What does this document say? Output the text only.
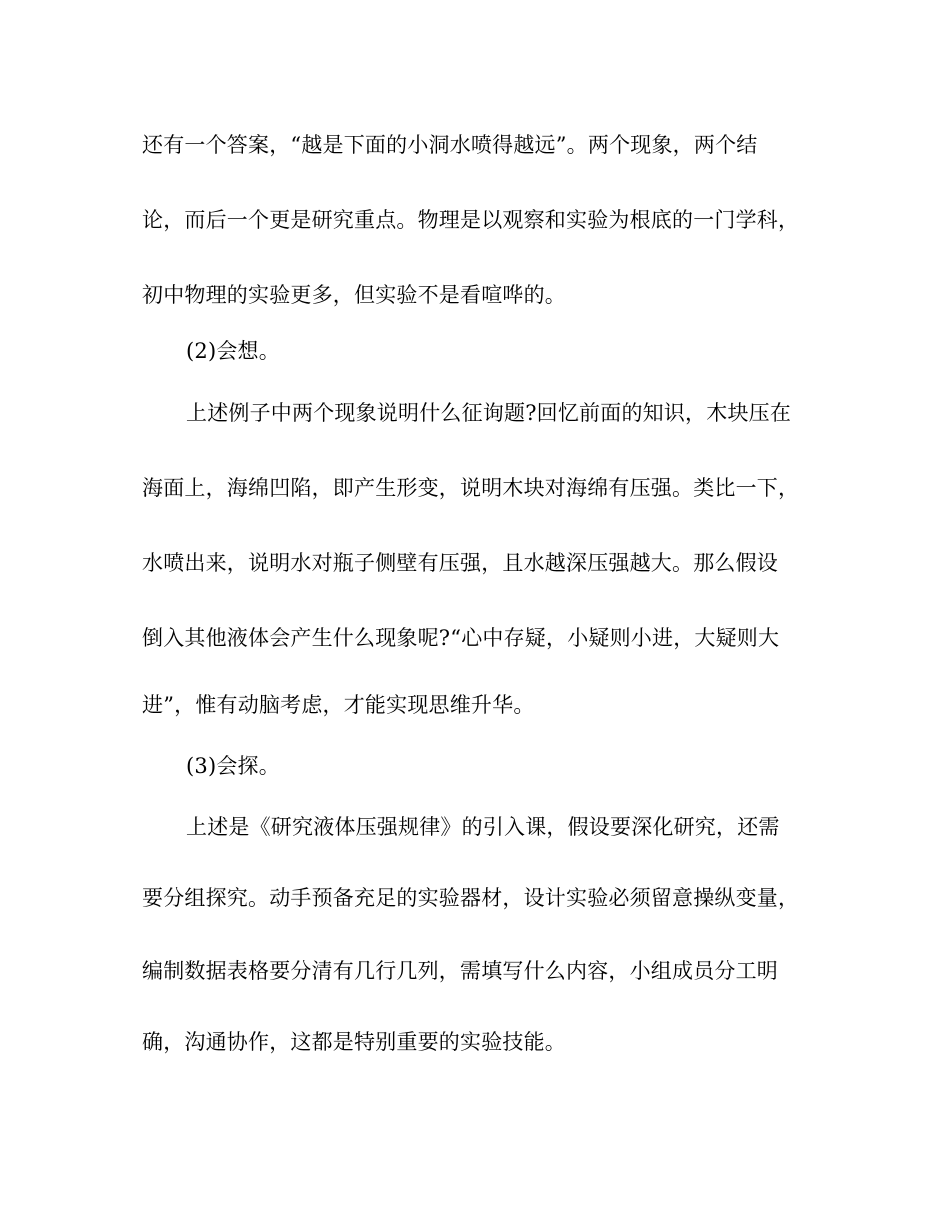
还有一个答案，“越是下面的小洞水喷得越远”。两个现象，两个结
论，而后一个更是研究重点。物理是以观察和实验为根底的一门学科，
初中物理的实验更多，但实验不是看喧哗的。
(2)会想。
上述例子中两个现象说明什么征询题?回忆前面的知识，木块压在
海面上，海绵凹陷，即产生形变，说明木块对海绵有压强。类比一下，
水喷出来，说明水对瓶子侧壁有压强，且水越深压强越大。那么假设
倒入其他液体会产生什么现象呢?“心中存疑，小疑则小进，大疑则大
进”，惟有动脑考虑，才能实现思维升华。
(3)会探。
上述是《研究液体压强规律》的引入课，假设要深化研究，还需
要分组探究。动手预备充足的实验器材，设计实验必须留意操纵变量，
编制数据表格要分清有几行几列，需填写什么内容，小组成员分工明
确，沟通协作，这都是特别重要的实验技能。
